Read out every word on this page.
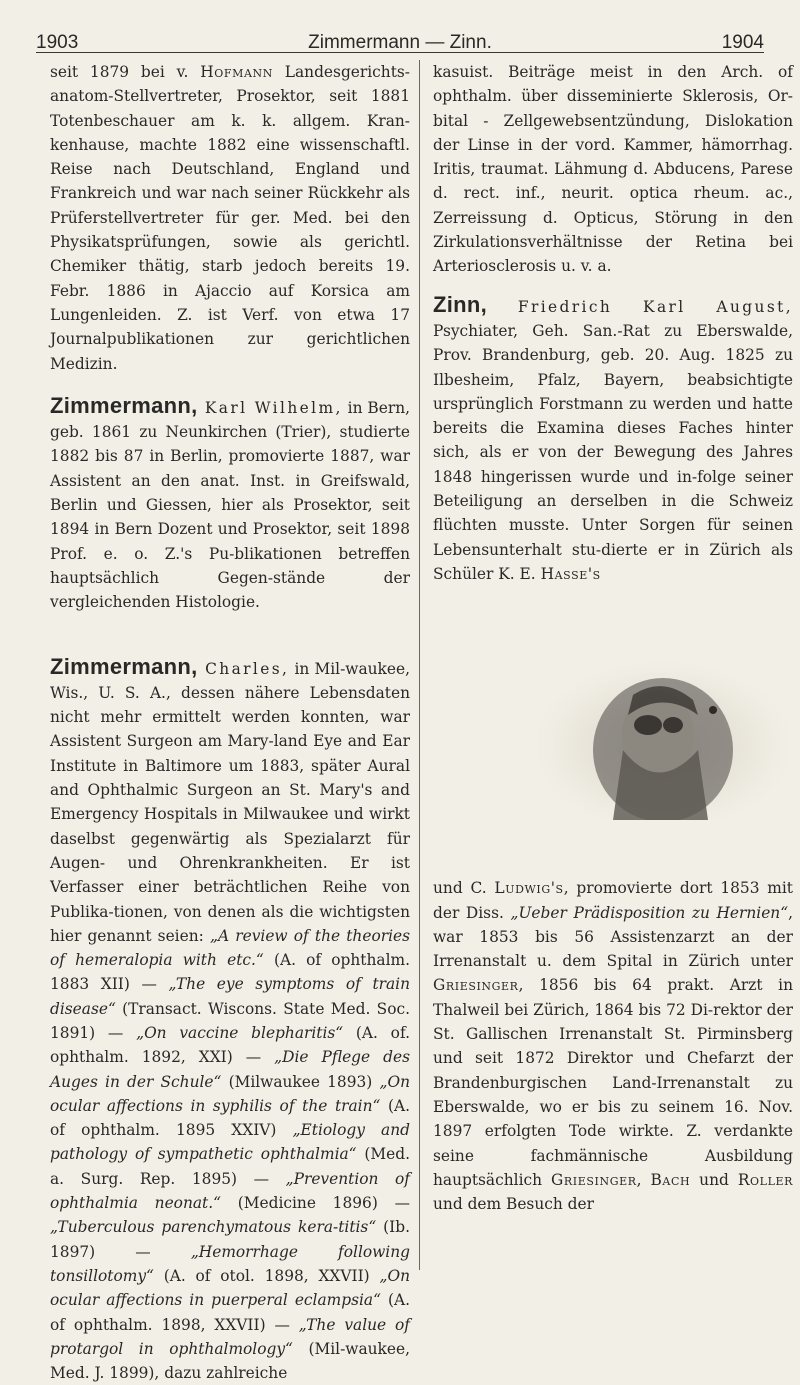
1903	Zimmermann — Zinn.	1904

seit 1879 bei v. Hofmann Landesgerichts-anatom-Stellvertreter, Prosektor, seit 1881 Totenbeschauer am k. k. allgem. Kran-kenhause, machte 1882 eine wissenschaftl. Reise nach Deutschland, England und Frankreich und war nach seiner Rückkehr als Prüferstellvertreter für ger. Med. bei den Physikatsprüfungen, sowie als gerichtl. Chemiker thätig, starb jedoch bereits 19. Febr. 1886 in Ajaccio auf Korsica am Lungenleiden. Z. ist Verf. von etwa 17 Journalpublikationen zur gerichtlichen Medizin.

Zimmermann, Karl Wilhelm, in Bern, geb. 1861 zu Neunkirchen (Trier), studierte 1882 bis 87 in Berlin, promovierte 1887, war Assistent an den anat. Inst. in Greifswald, Berlin und Giessen, hier als Prosektor, seit 1894 in Bern Dozent und Prosektor, seit 1898 Prof. e. o. Z.'s Pu-blikationen betreffen hauptsächlich Gegen-stände der vergleichenden Histologie.

Zimmermann, Charles, in Mil-waukee, Wis., U. S. A., dessen nähere Lebensdaten nicht mehr ermittelt werden konnten, war Assistent Surgeon am Mary-land Eye and Ear Institute in Baltimore um 1883, später Aural and Ophthalmic Surgeon an St. Mary's and Emergency Hospitals in Milwaukee und wirkt daselbst gegenwärtig als Spezialarzt für Augen- und Ohrenkrankheiten. Er ist Verfasser einer beträchtlichen Reihe von Publika-tionen, von denen als die wichtigsten hier genannt seien: „A review of the theories of hemeralopia with etc.“ (A. of ophthalm. 1883 XII) — „The eye symptoms of train disease“ (Transact. Wiscons. State Med. Soc. 1891) — „On vaccine blepharitis“ (A. of. ophthalm. 1892, XXI) — „Die Pflege des Auges in der Schule“ (Milwaukee 1893) „On ocular affections in syphilis of the train“ (A. of ophthalm. 1895 XXIV) „Etiology and pathology of sympathetic ophthalmia“ (Med. a. Surg. Rep. 1895) — „Prevention of ophthalmia neonat.“ (Medicine 1896) — „Tuberculous parenchymatous kera-titis“ (Ib. 1897) — „Hemorrhage following tonsillotomy“ (A. of otol. 1898, XXVII) „On ocular affections in puerperal eclampsia“ (A. of ophthalm. 1898, XXVII) — „The value of protargol in ophthalmology“ (Mil-waukee, Med. J. 1899), dazu zahlreiche

kasuist. Beiträge meist in den Arch. of ophthalm. über disseminierte Sklerosis, Or-bital - Zellgewebsentzündung, Dislokation der Linse in der vord. Kammer, hämorrhag. Iritis, traumat. Lähmung d. Abducens, Parese d. rect. inf., neurit. optica rheum. ac., Zerreissung d. Opticus, Störung in den Zirkulationsverhältnisse der Retina bei Arteriosclerosis u. v. a.

Zinn, Friedrich Karl August, Psychiater, Geh. San.-Rat zu Eberswalde, Prov. Brandenburg, geb. 20. Aug. 1825 zu Ilbesheim, Pfalz, Bayern, beabsichtigte ursprünglich Forstmann zu werden und hatte bereits die Examina dieses Faches hinter sich, als er von der Bewegung des Jahres 1848 hingerissen wurde und in-folge seiner Beteiligung an derselben in die Schweiz flüchten musste. Unter Sorgen für seinen Lebensunterhalt stu-dierte er in Zürich als Schüler K. E. Hasse's

und C. Ludwig's, promovierte dort 1853 mit der Diss. „Ueber Prädisposition zu Hernien“, war 1853 bis 56 Assistenzarzt an der Irrenanstalt u. dem Spital in Zürich unter Griesinger, 1856 bis 64 prakt. Arzt in Thalweil bei Zürich, 1864 bis 72 Di-rektor der St. Gallischen Irrenanstalt St. Pirminsberg und seit 1872 Direktor und Chefarzt der Brandenburgischen Land-Irrenanstalt zu Eberswalde, wo er bis zu seinem 16. Nov. 1897 erfolgten Tode wirkte. Z. verdankte seine fachmännische Ausbildung hauptsächlich Griesinger, Bach und Roller und dem Besuch der
